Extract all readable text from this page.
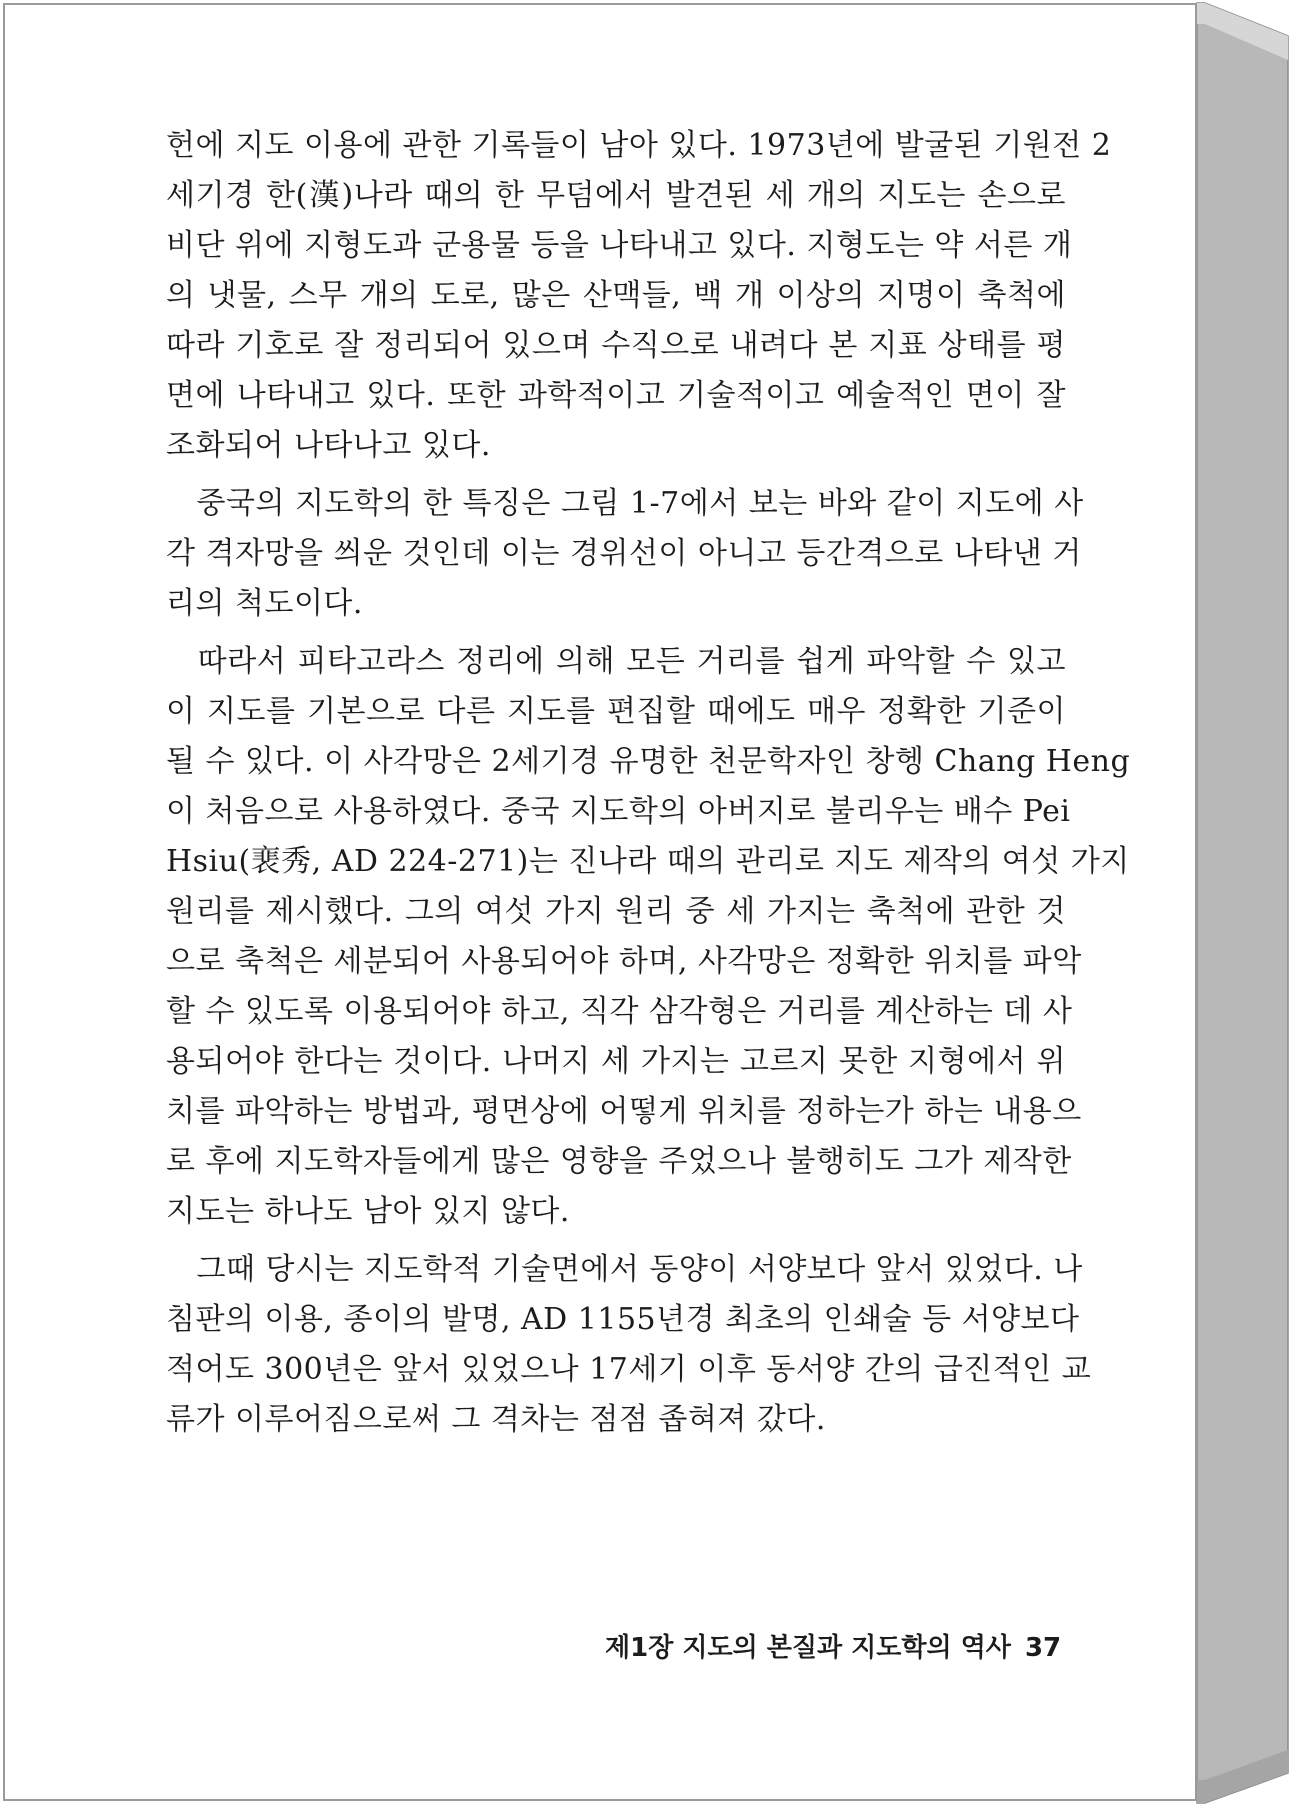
헌에 지도 이용에 관한 기록들이 남아 있다. 1973년에 발굴된 기원전 2
세기경 한(漢)나라 때의 한 무덤에서 발견된 세 개의 지도는 손으로
비단 위에 지형도과 군용물 등을 나타내고 있다. 지형도는 약 서른 개
의 냇물, 스무 개의 도로, 많은 산맥들, 백 개 이상의 지명이 축척에
따라 기호로 잘 정리되어 있으며 수직으로 내려다 본 지표 상태를 평
면에 나타내고 있다. 또한 과학적이고 기술적이고 예술적인 면이 잘
조화되어 나타나고 있다.
　중국의 지도학의 한 특징은 그림 1-7에서 보는 바와 같이 지도에 사
각 격자망을 씌운 것인데 이는 경위선이 아니고 등간격으로 나타낸 거
리의 척도이다.
　따라서 피타고라스 정리에 의해 모든 거리를 쉽게 파악할 수 있고
이 지도를 기본으로 다른 지도를 편집할 때에도 매우 정확한 기준이
될 수 있다. 이 사각망은 2세기경 유명한 천문학자인 창헹 Chang Heng
이 처음으로 사용하였다. 중국 지도학의 아버지로 불리우는 배수 Pei
Hsiu(裵秀, AD 224-271)는 진나라 때의 관리로 지도 제작의 여섯 가지
원리를 제시했다. 그의 여섯 가지 원리 중 세 가지는 축척에 관한 것
으로 축척은 세분되어 사용되어야 하며, 사각망은 정확한 위치를 파악
할 수 있도록 이용되어야 하고, 직각 삼각형은 거리를 계산하는 데 사
용되어야 한다는 것이다. 나머지 세 가지는 고르지 못한 지형에서 위
치를 파악하는 방법과, 평면상에 어떻게 위치를 정하는가 하는 내용으
로 후에 지도학자들에게 많은 영향을 주었으나 불행히도 그가 제작한
지도는 하나도 남아 있지 않다.
　그때 당시는 지도학적 기술면에서 동양이 서양보다 앞서 있었다. 나
침판의 이용, 종이의 발명, AD 1155년경 최초의 인쇄술 등 서양보다
적어도 300년은 앞서 있었으나 17세기 이후 동서양 간의 급진적인 교
류가 이루어짐으로써 그 격차는 점점 좁혀져 갔다.
제1장 지도의 본질과 지도학의 역사 37
